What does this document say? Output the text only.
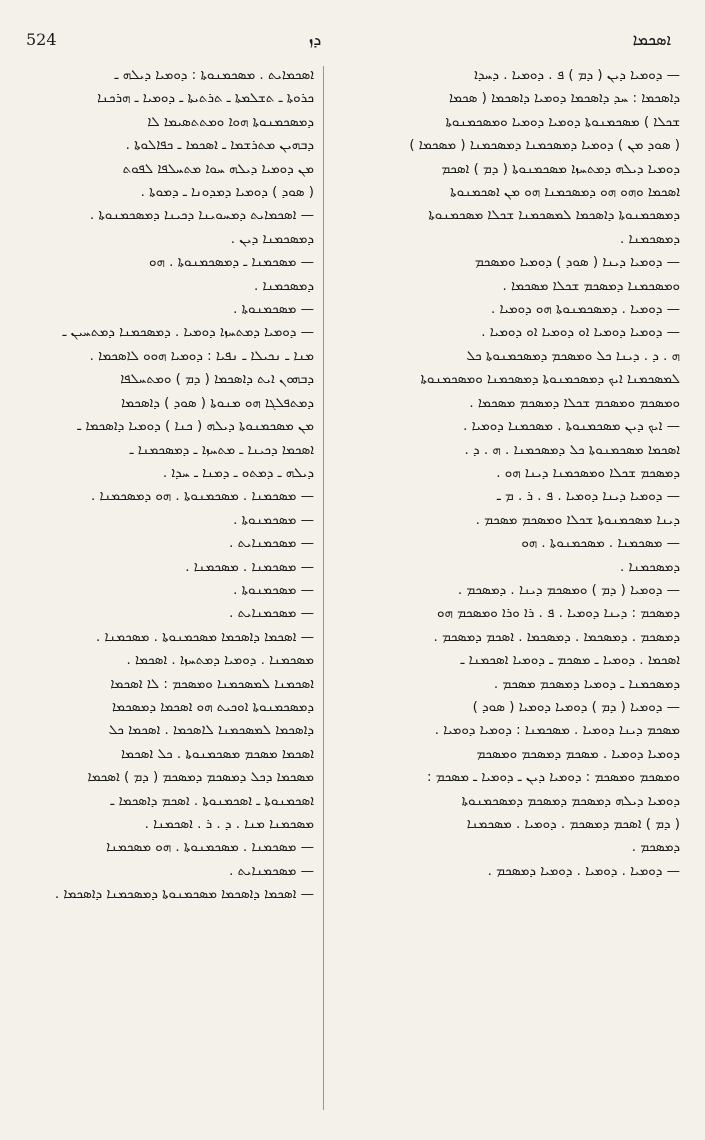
524	ܕܙ	ܐܣܟܡܐ
ܐܣܟܡܐܝܬ . ܡܣܟܡܢܘܬܐ : ܕܘܡܝܐ ܕܝܠܗ ـ
ܟܪܘܬܐ ـ ܬܫܠܡܬܐ ـ ܬܪܬܝܬܐ ـ ܕܘܡܝܐ ـ ܗܪܟܢܐ
ܕܡܣܟܡܢܘܬܐ ܗܘܐ ܘܡܬܬܣܝܡܐ ܠܐ
ܕܒܗܝܢ ܡܬܪܫܡܐ ـ ܐܣܟܡܐ ـ ܟܦܐܠܘܬܐ .
ܡܢ ܕܘܡܝܐ ܕܝܠܗ ܚܘܐ ܡܬܚܠܦܐ ܠܦܘܬ
( ܣܘܕ ) ܕܘܡܝܐ ܕܡܕܘܢܐ ـ ܕܡܘܬܐ .
— ܐܣܟܡܐܝܬ ܕܡܚܘܝܢܐ ܕܟܝܢܐ ܕܡܣܟܡܢܘܬܐ .
ܕܡܣܟܡܢܐ ܕܝܢ .
— ܡܣܟܡܢܐ ـ ܕܡܣܟܡܢܘܬܐ . ܗܘ
ܕܡܣܟܡܢܐ .
— ܡܣܟܡܢܘܬܐ .
— ܕܘܡܝܐ ܕܡܬܚܙܐ ܕܘܡܝܐ . ܕܡܣܟܡܢܐ ܕܡܬܚܝܢ ـ
ܡܢܐ ـ ܢܟܝܠܐ ـ ܢܦܝܐ : ܕܘܡܝܐ ܗܘܘ ܠܐܣܟܡܐ .
ܕܒܗܘܢ ܐܝܬ ܕܐܣܟܡܐ ( ܕܡ ) ܘܡܬܚܠܦܐ
ܕܡܬܦܠܓܐ ܗܘ ܡܢܘܬܐ ( ܣܘܕ ) ܕܐܣܟܡܐ
ܡܢ ܡܣܟܡܢܘܬܐ ܕܝܠܗ ( ܟܢܐ ) ܕܘܡܝܐ ܕܐܣܟܡܐ ـ
ܐܣܟܡܐ ܕܟܝܢܐ ـ ܡܬܚܙܐ ـ ܕܡܣܟܡܢܐ ـ
ܕܝܠܗ ـ ܕܡܬܘ ـ ܕܡܢܐ ـ ܚܕܐ .
— ܡܣܟܡܢܐ . ܡܣܟܡܢܘܬܐ . ܗܘ ܕܡܣܟܡܢܐ .
— ܡܣܟܡܢܘܬܐ .
— ܡܣܟܡܢܐܝܬ .
— ܡܣܟܡܢܐ . ܡܣܟܡܢܐ .
— ܡܣܟܡܢܘܬܐ .
— ܡܣܟܡܢܐܝܬ .
— ܐܣܟܡܐ ܕܐܣܟܡܐ ܡܣܟܡܢܘܬܐ . ܡܣܟܡܢܐ .
ܡܣܟܡܢܐ . ܕܘܡܝܐ ܕܡܬܚܙܐ . ܐܣܟܡܐ .
ܐܣܟܡܢܐ ܠܡܣܟܡܢܐ ܘܡܣܟܡ : ܠܐ ܐܣܟܡܐ
ܕܡܣܟܡܢܘܬܐ ܐܘܟܝܬ ܗܘ ܐܣܟܡܐ ܕܡܣܟܡܐ
ܕܐܣܟܡܐ ܠܡܣܟܡܢܐ ܠܐܣܟܡܐ . ܐܣܟܡܐ ܟܠ
ܐܣܟܡܐ ܡܣܟܡ ܡܣܟܡܢܘܬܐ . ܟܠ ܐܣܟܡܐ
ܡܣܟܡܐ ܕܟܠ ܕܡܣܟܡ ܕܡܣܟܡ ( ܕܡ ) ܐܣܟܡܐ
ܐܣܟܡܢܘܬܐ ـ ܐܣܟܡܢܘܬܐ . ܐܣܟܡ ܕܐܣܟܡܐ ـ
ܡܣܟܡܢܐ ܡܢܐ . ܕ . ܪ . ܐܣܟܡܢܐ .
— ܡܣܟܡܢܐ . ܡܣܟܡܢܘܬܐ . ܗܘ ܡܣܟܡܢܐ
— ܡܣܟܡܢܐܝܬ .
— ܐܣܟܡܐ ܕܐܣܟܡܐ ܡܣܟܡܢܘܬܐ ܕܡܣܟܡܢܐ ܕܐܣܟܡܐ .
— ܕܘܡܝܐ ܕܝܢ ( ܕܡ ) ܦ . ܕܘܡܝܐ . ܕܚܕܐ
ܕܐܣܟܡܐ : ܚܕ ܕܐܣܟܡܐ ܕܘܡܝܐ ܕܐܣܟܡܐ ( ܣܟܡܐ
ܫܟܠܐ ) ܡܣܟܡܢܘܬܐ ܕܘܡܝܐ ܕܘܡܝܐ ܘܡܣܟܡܢܘܬܐ
( ܣܘܕ ܡܢ ) ܕܘܡܝܐ ܕܡܣܟܡܢܐ ܕܡܣܟܡܢܐ ( ܡܣܟܡܐ )
ܕܘܡܝܐ ܕܝܠܗ ܕܡܬܚܙܐ ܡܣܟܡܢܘܬܐ ( ܕܡ ) ܐܣܟܡ
ܐܣܟܡܐ ܘܗܘ ܗܘ ܕܡܣܟܡܢܐ ܗܘ ܡܢ ܐܣܟܡܢܘܬܐ
ܕܡܣܟܡܢܘܬܐ ܕܐܣܟܡܐ ܠܡܣܟܡܢܐ ܫܟܠܐ ܡܣܟܡܢܘܬܐ
ܕܡܣܟܡܢܐ .
— ܕܘܡܝܐ ܕܝܢܐ ( ܣܘܕ ) ܕܘܡܝܐ ܘܡܣܟܡ
ܘܡܣܟܡܢܐ ܕܡܣܟܡ ܫܟܠܐ ܡܣܟܡܐ .
— ܕܘܡܝܐ . ܕܡܣܟܡܢܘܬܐ ܗܘ ܕܘܡܝܐ .
— ܕܘܡܝܐ ܕܘܡܝܐ ܐܘ ܕܘܡܝܐ ܐܘ ܕܘܡܝܐ .
ܗ . ܕ . ܕܝܢܐ ܟܠ ܘܡܣܟܡ ܕܡܣܟܡܢܘܬܐ ܟܠ
ܠܡܣܟܡܢܐ ܐܝܟ ܕܡܣܟܡܢܘܬܐ ܕܡܣܟܡܢܐ ܘܡܣܟܡܢܘܬܐ
ܘܡܣܟܡ ܘܡܣܟܡ ܫܟܠܐ ܕܡܣܟܡ ܡܣܟܡܐ .
— ܐܝܟ ܕܝܢ ܡܣܟܡܢܘܬܐ . ܡܣܟܡܢܐ ܕܘܡܝܐ .
ܐܣܟܡܐ ܡܣܟܡܢܘܬܐ ܟܠ ܕܡܣܟܡܢܐ . ܗ . ܕ .
ܕܡܣܟܡ ܫܟܠܐ ܘܡܣܟܡܢܐ ܕܝܢܐ ܗܘ .
— ܕܘܡܝܐ ܕܝܢܐ ܕܘܡܝܐ . ܦ . ܪ . ܡ ـ
ܕܝܢܐ ܡܣܟܡܢܘܬܐ ܫܟܠܐ ܘܡܣܟܡ ܡܣܟܡ .
— ܡܣܟܡܢܐ . ܡܣܟܡܢܘܬܐ . ܗܘ
ܕܡܣܟܡܢܐ .
— ܕܘܡܝܐ ( ܕܡ ) ܘܡܣܟܡ ܕܝܢܐ . ܕܡܣܟܡ .
ܕܡܣܟܡ : ܕܝܢܐ ܕܘܡܝܐ . ܦ . ܪܐ ܘܪܐ ܘܡܣܟܡ ܗܘ
ܕܡܣܟܡ . ܕܡܣܟܡܐ . ܕܡܣܟܡܐ . ܐܣܟܡ ܕܡܣܟܡ .
ܐܣܟܡܐ . ܕܘܡܝܐ ـ ܡܣܟܡ ـ ܕܘܡܝܐ ܐܣܟܡܢܐ ـ
ܕܡܣܟܡܢܐ ـ ܕܘܡܝܐ ܕܡܣܟܡ ܡܣܟܡ .
— ܕܘܡܝܐ ( ܕܡ ) ܕܘܡܝܐ ܕܘܡܝܐ ( ܣܘܕ )
ܡܣܟܡ ܕܝܢܐ ܕܘܡܝܐ . ܡܣܟܡܢܐ : ܕܘܡܝܐ ܕܘܡܝܐ .
ܕܘܡܝܐ ܕܘܡܝܐ . ܡܣܟܡ ܕܡܣܟܡ ܘܡܣܟܡ
ܘܡܣܟܡ ܘܡܣܟܡ : ܕܘܡܝܐ ܕܝܢ ـ ܕܘܡܝܐ ـ ܡܣܟܡ :
ܕܘܡܝܐ ܕܝܠܗ ܕܡܣܟܡ ܕܡܣܟܡ ܕܡܣܟܡܢܘܬܐ
( ܕܡ ) ܐܣܟܡ ܕܡܣܟܡ . ܕܘܡܝܐ . ܡܣܟܡܢܐ
ܕܡܣܟܡ .
— ܕܘܡܝܐ . ܕܘܡܝܐ . ܕܘܡܝܐ ܕܡܣܟܡ .
